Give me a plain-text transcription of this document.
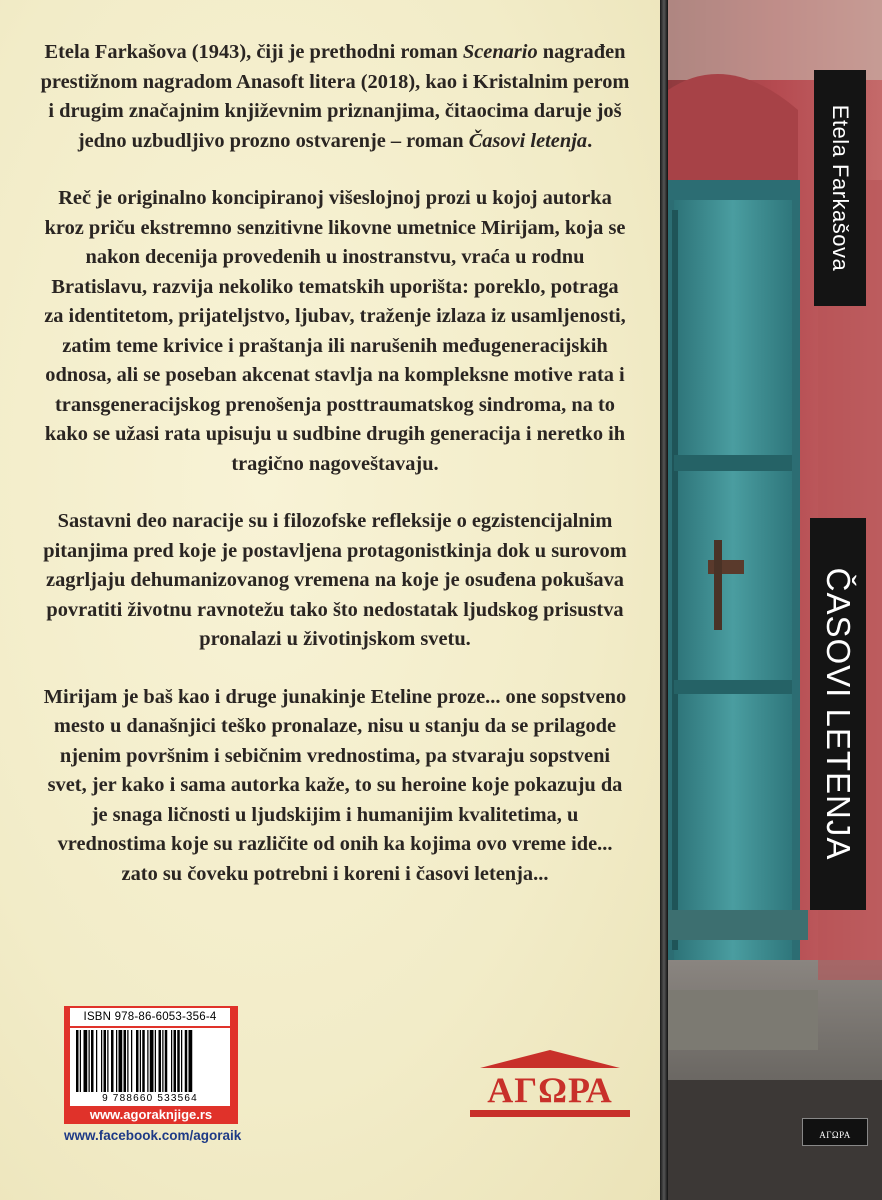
Etela Farkašova (1943), čiji je prethodni roman Scenario nagrađen prestižnom nagradom Anasoft litera (2018), kao i Kristalnim perom i drugim značajnim književnim priznanjima, čitaocima daruje još jedno uzbudljivo prozno ostvarenje – roman Časovi letenja.

Reč je originalno koncipiranoj višeslojnoj prozi u kojoj autorka kroz priču ekstremno senzitivne likovne umetnice Mirijam, koja se nakon decenija provedenih u inostranstvu, vraća u rodnu Bratislavu, razvija nekoliko tematskih uporišta: poreklo, potraga za identitetom, prijateljstvo, ljubav, traženje izlaza iz usamljenosti, zatim teme krivice i praštanja ili narušenih međugeneracijskih odnosa, ali se poseban akcenat stavlja na kompleksne motive rata i transgeneracijskog prenošenja posttraumatskog sindroma, na to kako se užasi rata upisuju u sudbine drugih generacija i neretko ih tragično nagoveštavaju.

Sastavni deo naracije su i filozofske refleksije o egzistencijalnim pitanjima pred koje je postavljena protagonistkinja dok u surovom zagrljaju dehumanizovanog vremena na koje je osuđena pokušava povratiti životnu ravnotežu tako što nedostatak ljudskog prisustva pronalazi u životinjskom svetu.

Mirijam je baš kao i druge junakinje Eteline proze... one sopstveno mesto u današnjici teško pronalaze, nisu u stanju da se prilagode njenim površnim i sebičnim vrednostima, pa stvaraju sopstveni svet, jer kako i sama autorka kaže, to su heroine koje pokazuju da je snaga ličnosti u ljudskijim i humanijim kvalitetima, u vrednostima koje su različite od onih ka kojima ovo vreme ide... zato su čoveku potrebni i koreni i časovi letenja...

ISBN 978-86-6053-356-4
9 788660 533564
www.agoraknjige.rs
www.facebook.com/agoraik
ΑΓΩΡΑ
Etela Farkašova
ČASOVI LETENJA
ΑΓΩΡΑ
